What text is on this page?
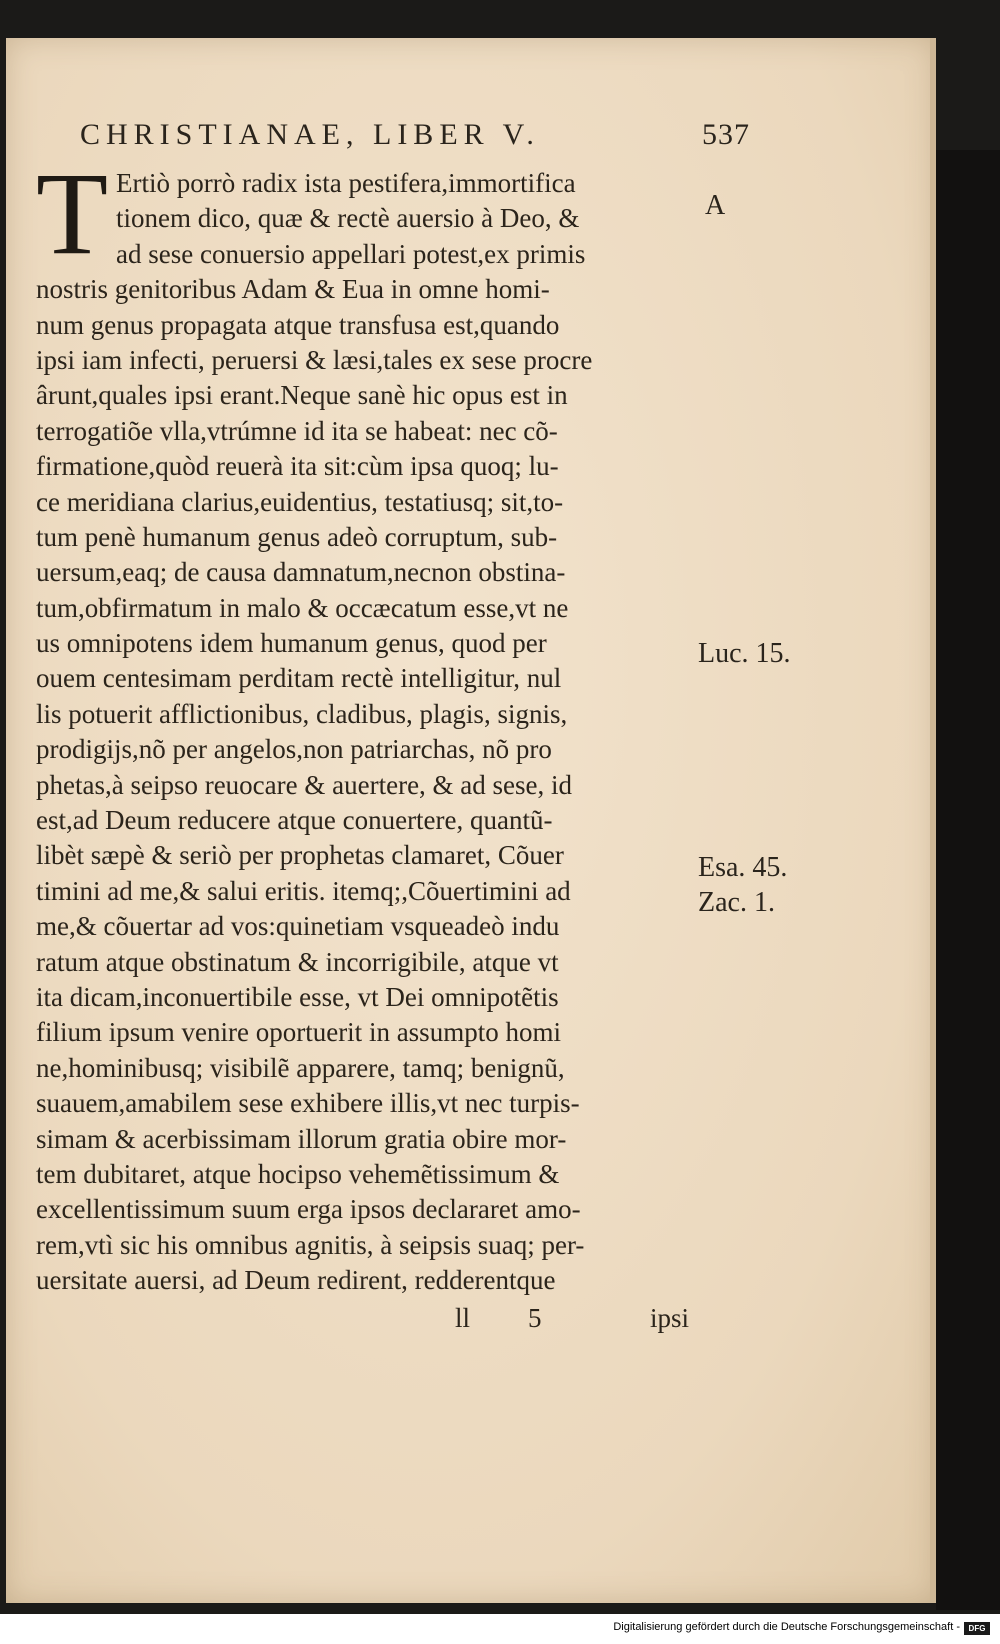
CHRISTIANAE, LIBER V.	537
T Ertiò porrò radix ista pestifera,immortifica
tionem dico, quæ & rectè auersio à Deo, &
ad sese conuersio appellari potest,ex primis
nostris genitoribus Adam & Eua in omne homi-
num genus propagata atque transfusa est,quando
ipsi iam infecti, peruersi & læsi,tales ex sese procre
ârunt,quales ipsi erant.Neque sanè hic opus est in
terrogatiõe vlla,vtrúmne id ita se habeat: nec cõ-
firmatione,quòd reuerà ita sit:cùm ipsa quoq; lu-
ce meridiana clarius,euidentius, testatiusq; sit,to-
tum penè humanum genus adeò corruptum, sub-
uersum,eaq; de causa damnatum,necnon obstina-
tum,obfirmatum in malo & occæcatum esse,vt ne
us omnipotens idem humanum genus, quod per
ouem centesimam perditam rectè intelligitur, nul
lis potuerit afflictionibus, cladibus, plagis, signis,
prodigijs,nõ per angelos,non patriarchas, nõ pro
phetas,à seipso reuocare & auertere, & ad sese, id
est,ad Deum reducere atque conuertere, quantũ-
libèt sæpè & seriò per prophetas clamaret, Cõuer
timini ad me,& salui eritis. itemq;,Cõuertimini ad
me,& cõuertar ad vos:quinetiam vsqueadeò indu
ratum atque obstinatum & incorrigibile, atque vt
ita dicam,inconuertibile esse, vt Dei omnipotẽtis
filium ipsum venire oportuerit in assumpto homi
ne,hominibusq; visibilẽ apparere, tamq; benignũ,
suauem,amabilem sese exhibere illis,vt nec turpis-
simam & acerbissimam illorum gratia obire mor-
tem dubitaret, atque hocipso vehemẽtissimum &
excellentissimum suum erga ipsos declararet amo-
rem,vtì sic his omnibus agnitis, à seipsis suaq; per-
uersitate auersi, ad Deum redirent, redderentque
ll 5	ipsi
A
Luc. 15.
Esa. 45.
Zac. 1.
Digitalisierung gefördert durch die Deutsche Forschungsgemeinschaft -	DFG
